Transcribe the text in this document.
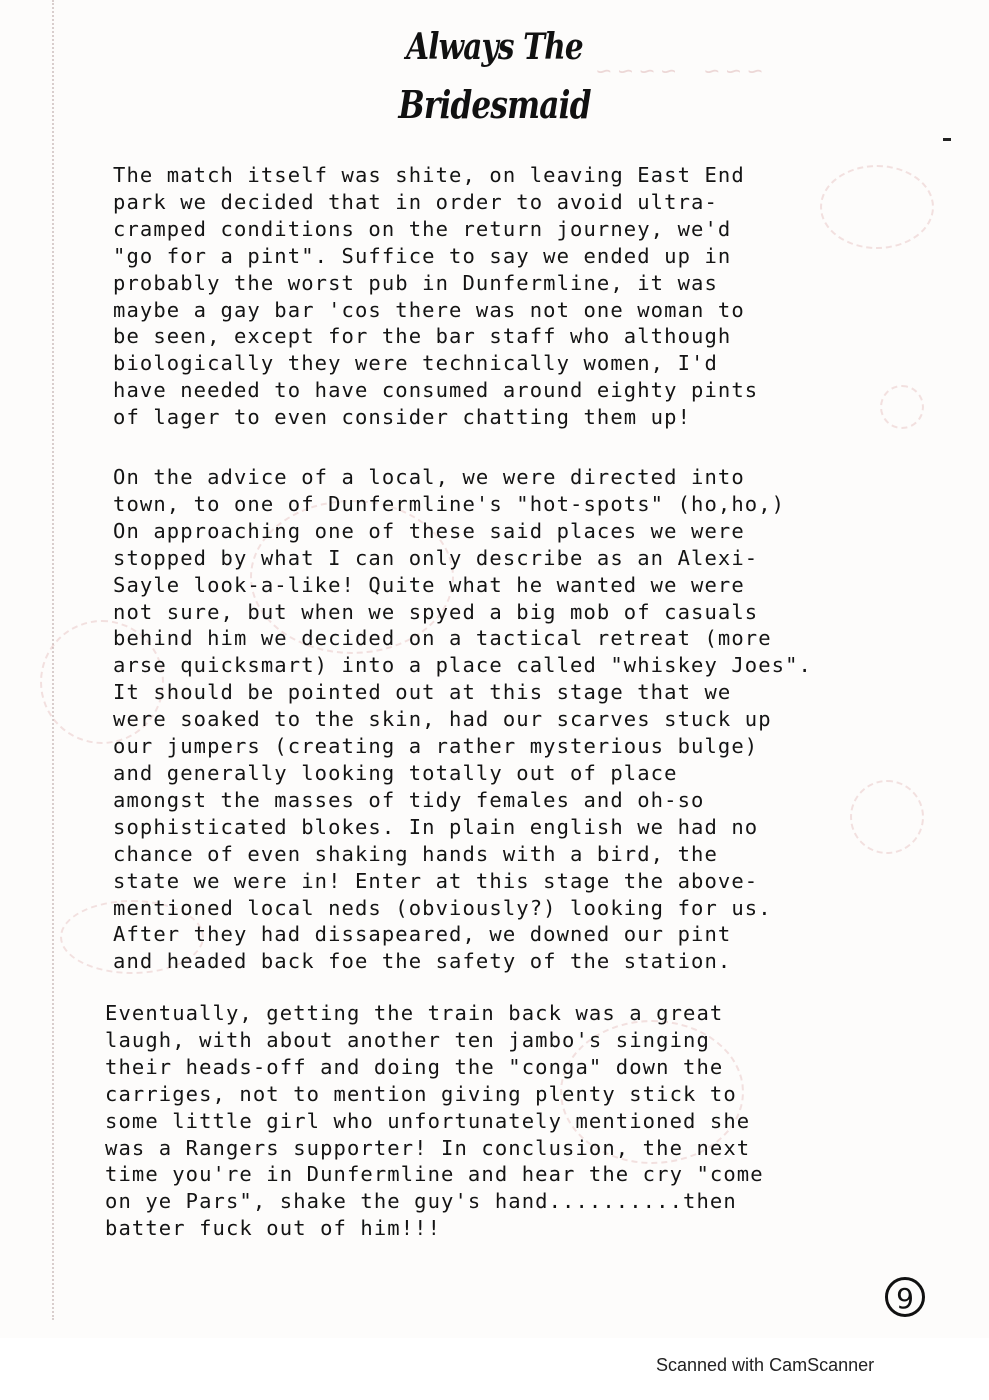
~~~ ~~~~
Always The
Bridesmaid
The match itself was shite, on leaving East End
park we decided that in order to avoid ultra-
cramped conditions on the return journey, we'd
"go for a pint". Suffice to say we ended up in
probably the worst pub in Dunfermline, it was
maybe a gay bar 'cos there was not one woman to
be seen, except for the bar staff who although
biologically they were technically women, I'd
have needed to have consumed around eighty pints
of lager to even consider chatting them up!
On the advice of a local, we were directed into
town, to one of Dunfermline's "hot-spots" (ho,ho,)
On approaching one of these said places we were
stopped by what I can only describe as an Alexi-
Sayle look-a-like! Quite what he wanted we were
not sure, but when we spyed a big mob of casuals
behind him we decided on a tactical retreat (more
arse quicksmart) into a place called "whiskey Joes".
It should be pointed out at this stage that we
were soaked to the skin, had our scarves stuck up
our jumpers (creating a rather mysterious bulge)
and generally looking totally out of place
amongst the masses of tidy females and oh-so
sophisticated blokes. In plain english we had no
chance of even shaking hands with a bird, the
state we were in! Enter at this stage the above-
mentioned local neds (obviously?) looking for us.
After they had dissapeared, we downed our pint
and headed back foe the safety of the station.
Eventually, getting the train back was a great
laugh, with about another ten jambo's singing
their heads-off and doing the "conga" down the
carriges, not to mention giving plenty stick to
some little girl who unfortunately mentioned she
was a Rangers supporter! In conclusion, the next
time you're in Dunfermline and hear the cry "come
on ye Pars", shake the guy's hand..........then
batter fuck out of him!!!
9
Scanned with CamScanner
